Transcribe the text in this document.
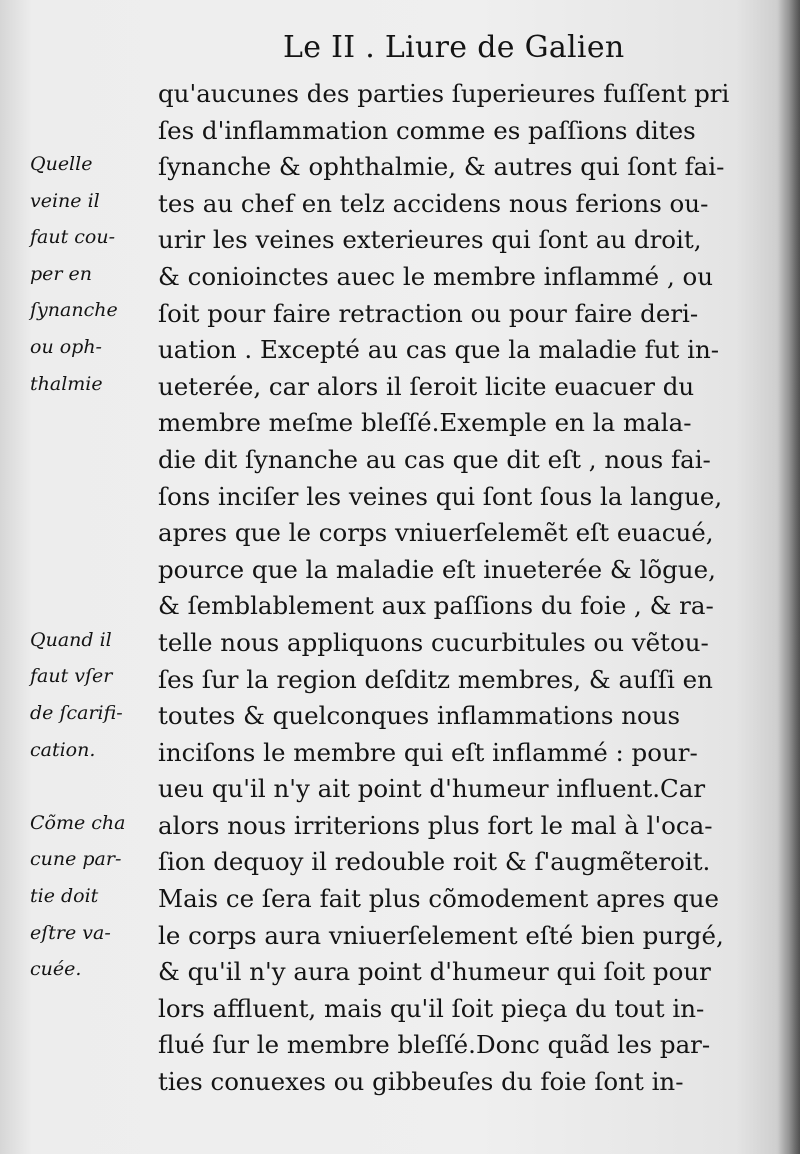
Le II . Liure de Galien
qu'aucunes des parties ſuperieures fuſſent pri
ſes d'inflammation comme es paſſions dites
ſynanche & ophthalmie, & autres qui ſont fai-
tes au chef en telz accidens nous ferions ou-
urir les veines exterieures qui ſont au droit,
& conioinctes auec le membre inflammé , ou
ſoit pour faire retraction ou pour faire deri-
uation . Excepté au cas que la maladie fut in-
ueterée, car alors il ſeroit licite euacuer du
membre meſme bleſſé.Exemple en la mala-
die dit ſynanche au cas que dit eſt , nous fai-
ſons inciſer les veines qui ſont ſous la langue,
apres que le corps vniuerſelemẽt eſt euacué,
pource que la maladie eſt inueterée & lõgue,
& ſemblablement aux paſſions du foie , & ra-
telle nous appliquons cucurbitules ou vẽtou-
ſes ſur la region deſditz membres, & auſſi en
toutes & quelconques inflammations nous
inciſons le membre qui eſt inflammé : pour-
ueu qu'il n'y ait point d'humeur influent.Car
alors nous irriterions plus fort le mal à l'oca-
ſion dequoy il redouble roit & ſ'augmẽteroit.
Mais ce ſera fait plus cõmodement apres que
le corps aura vniuerſelement eſté bien purgé,
& qu'il n'y aura point d'humeur qui ſoit pour
lors affluent, mais qu'il ſoit pieça du tout in-
flué ſur le membre bleſſé.Donc quãd les par-
ties conuexes ou gibbeuſes du foie ſont in-
Quelle
veine il
faut cou-
per en
ſynanche
ou oph-
thalmie
Quand il
faut vſer
de ſcarifi-
cation.
Cõme cha
cune par-
tie doit
eſtre va-
cuée.
